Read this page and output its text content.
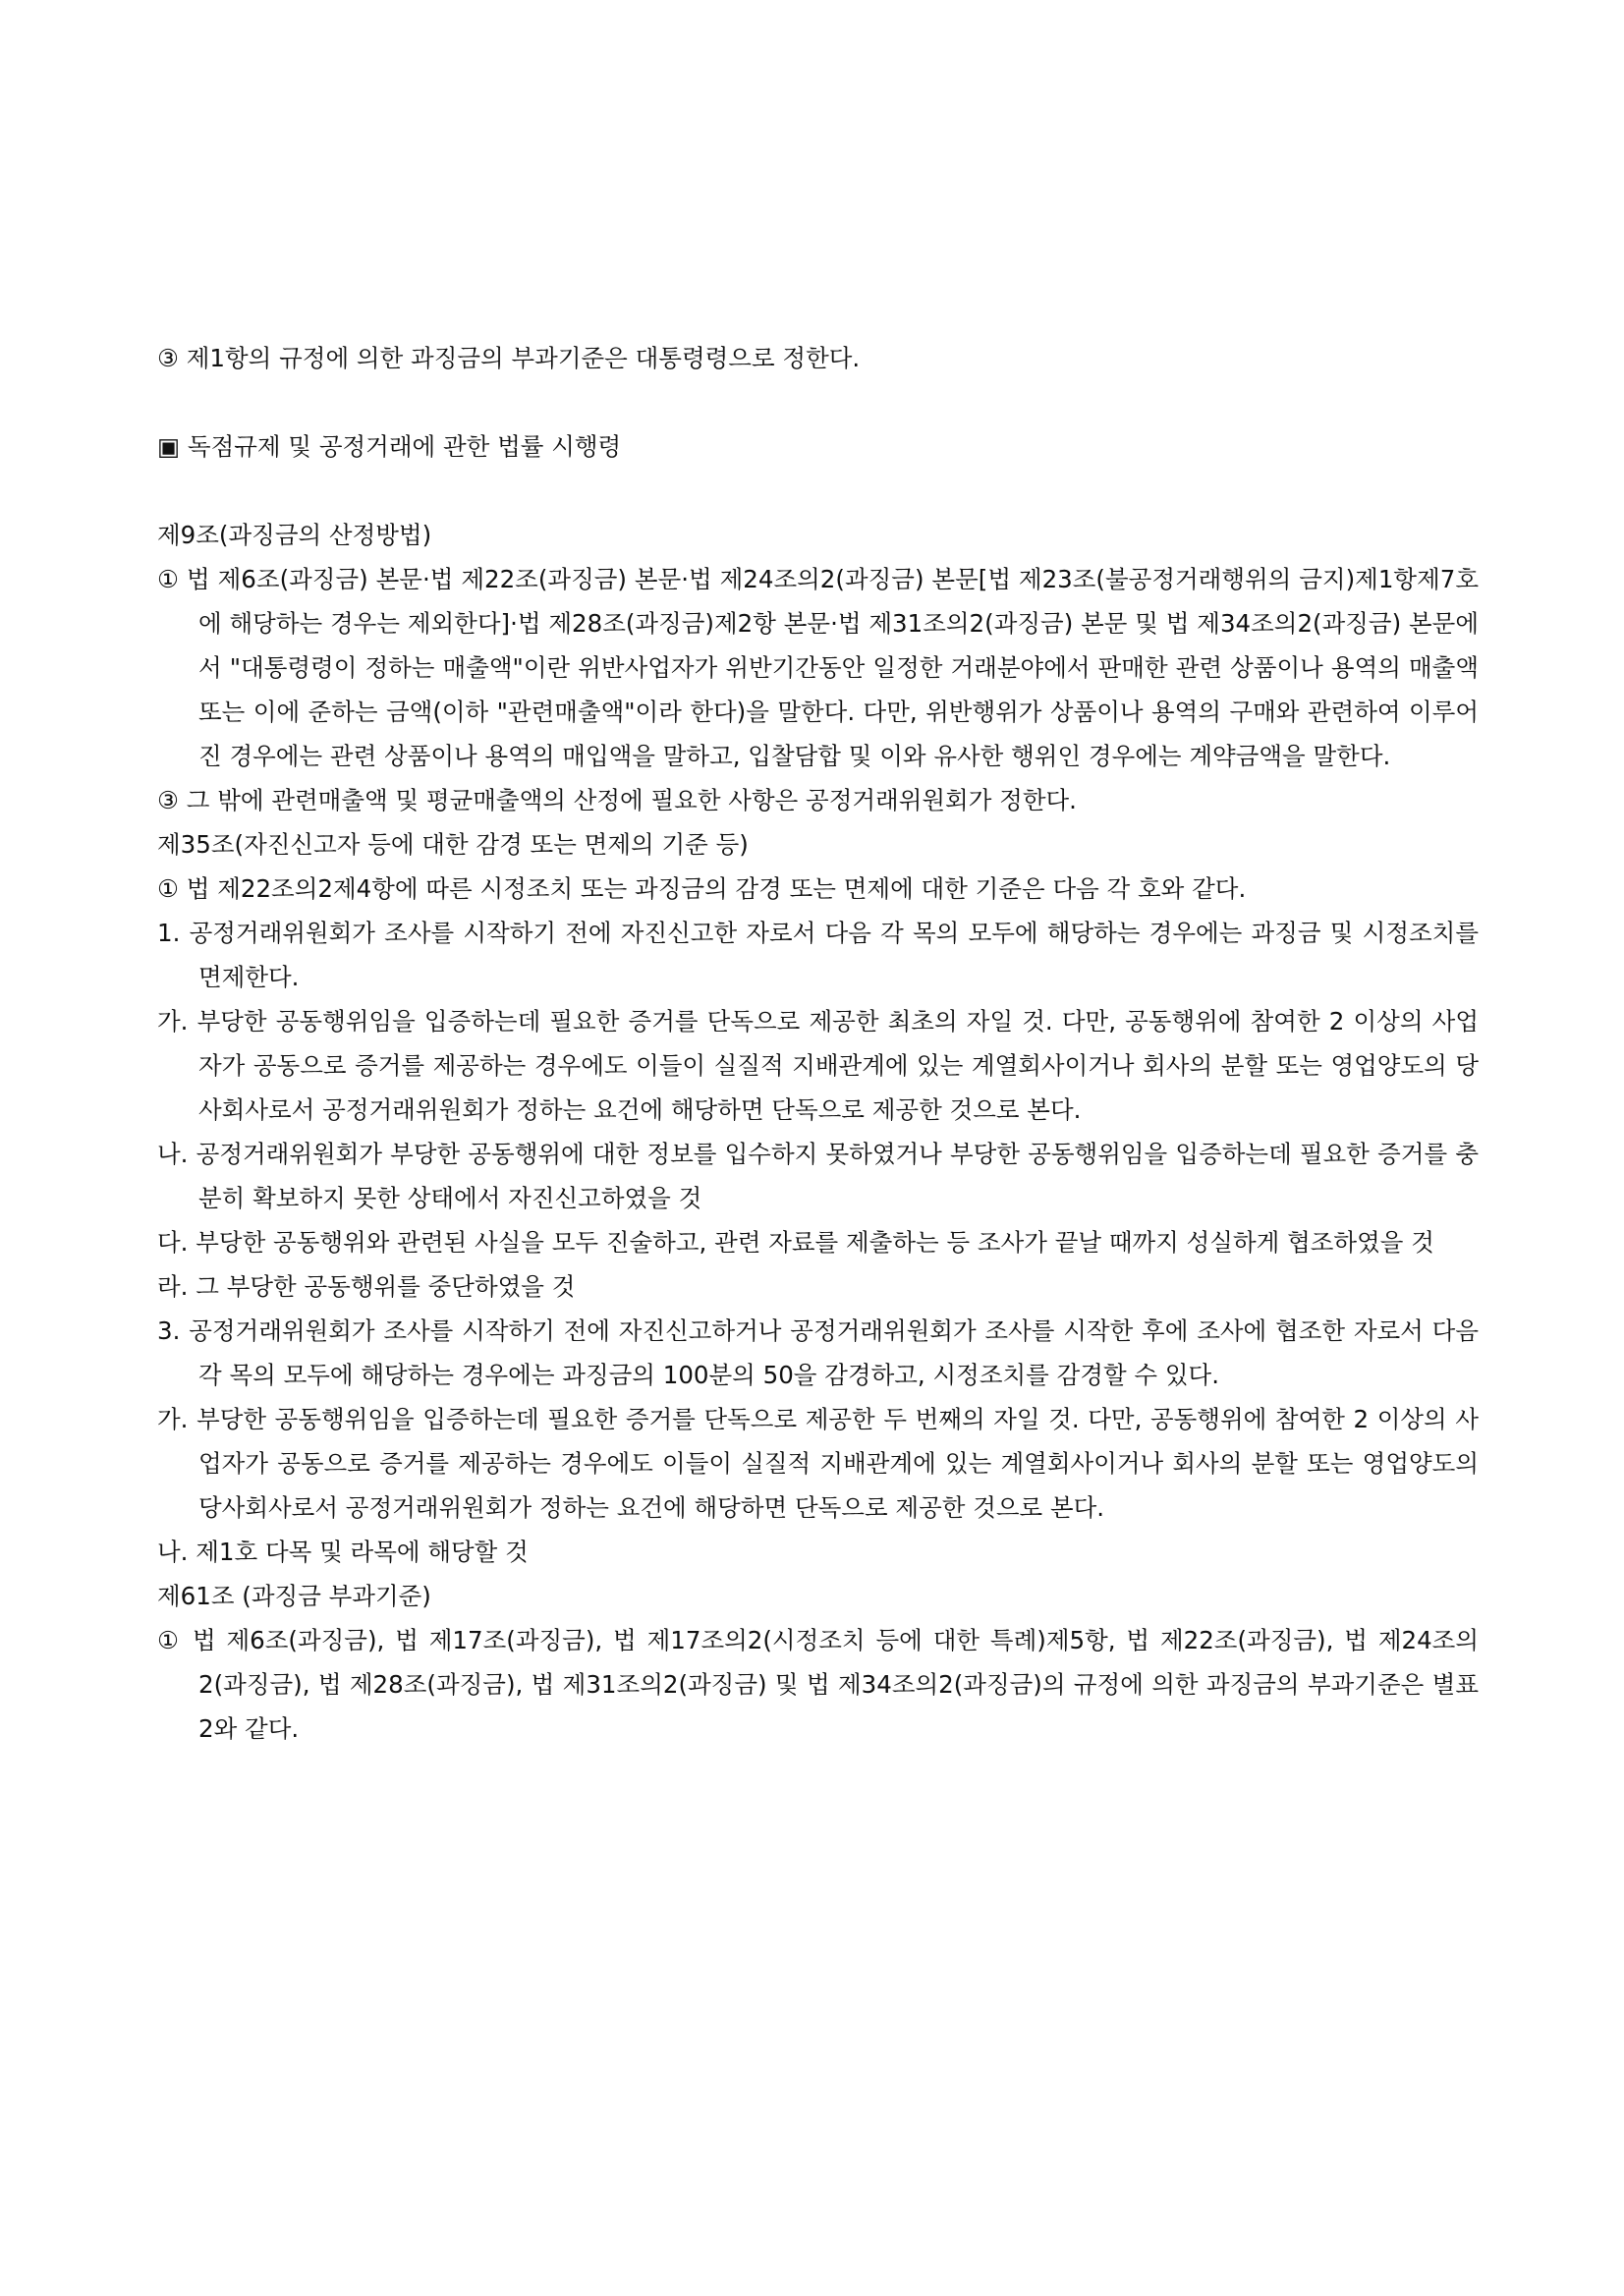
③ 제1항의 규정에 의한 과징금의 부과기준은 대통령령으로 정한다.

▣ 독점규제 및 공정거래에 관한 법률 시행령

제9조(과징금의 산정방법)

① 법 제6조(과징금) 본문·법 제22조(과징금) 본문·법 제24조의2(과징금) 본문[법 제23조(불공정거래행위의 금지)제1항제7호에 해당하는 경우는 제외한다]·법 제28조(과징금)제2항 본문·법 제31조의2(과징금) 본문 및 법 제34조의2(과징금) 본문에서 "대통령령이 정하는 매출액"이란 위반사업자가 위반기간동안 일정한 거래분야에서 판매한 관련 상품이나 용역의 매출액 또는 이에 준하는 금액(이하 "관련매출액"이라 한다)을 말한다. 다만, 위반행위가 상품이나 용역의 구매와 관련하여 이루어진 경우에는 관련 상품이나 용역의 매입액을 말하고, 입찰담합 및 이와 유사한 행위인 경우에는 계약금액을 말한다.

③ 그 밖에 관련매출액 및 평균매출액의 산정에 필요한 사항은 공정거래위원회가 정한다.

제35조(자진신고자 등에 대한 감경 또는 면제의 기준 등)

① 법 제22조의2제4항에 따른 시정조치 또는 과징금의 감경 또는 면제에 대한 기준은 다음 각 호와 같다.

1. 공정거래위원회가 조사를 시작하기 전에 자진신고한 자로서 다음 각 목의 모두에 해당하는 경우에는 과징금 및 시정조치를 면제한다.

가. 부당한 공동행위임을 입증하는데 필요한 증거를 단독으로 제공한 최초의 자일 것. 다만, 공동행위에 참여한 2 이상의 사업자가 공동으로 증거를 제공하는 경우에도 이들이 실질적 지배관계에 있는 계열회사이거나 회사의 분할 또는 영업양도의 당사회사로서 공정거래위원회가 정하는 요건에 해당하면 단독으로 제공한 것으로 본다.

나. 공정거래위원회가 부당한 공동행위에 대한 정보를 입수하지 못하였거나 부당한 공동행위임을 입증하는데 필요한 증거를 충분히 확보하지 못한 상태에서 자진신고하였을 것

다. 부당한 공동행위와 관련된 사실을 모두 진술하고, 관련 자료를 제출하는 등 조사가 끝날 때까지 성실하게 협조하였을 것

라. 그 부당한 공동행위를 중단하였을 것

3. 공정거래위원회가 조사를 시작하기 전에 자진신고하거나 공정거래위원회가 조사를 시작한 후에 조사에 협조한 자로서 다음 각 목의 모두에 해당하는 경우에는 과징금의 100분의 50을 감경하고, 시정조치를 감경할 수 있다.

가. 부당한 공동행위임을 입증하는데 필요한 증거를 단독으로 제공한 두 번째의 자일 것. 다만, 공동행위에 참여한 2 이상의 사업자가 공동으로 증거를 제공하는 경우에도 이들이 실질적 지배관계에 있는 계열회사이거나 회사의 분할 또는 영업양도의 당사회사로서 공정거래위원회가 정하는 요건에 해당하면 단독으로 제공한 것으로 본다.

나. 제1호 다목 및 라목에 해당할 것

제61조 (과징금 부과기준)

① 법 제6조(과징금), 법 제17조(과징금), 법 제17조의2(시정조치 등에 대한 특례)제5항, 법 제22조(과징금), 법 제24조의2(과징금), 법 제28조(과징금), 법 제31조의2(과징금) 및 법 제34조의2(과징금)의 규정에 의한 과징금의 부과기준은 별표 2와 같다.
